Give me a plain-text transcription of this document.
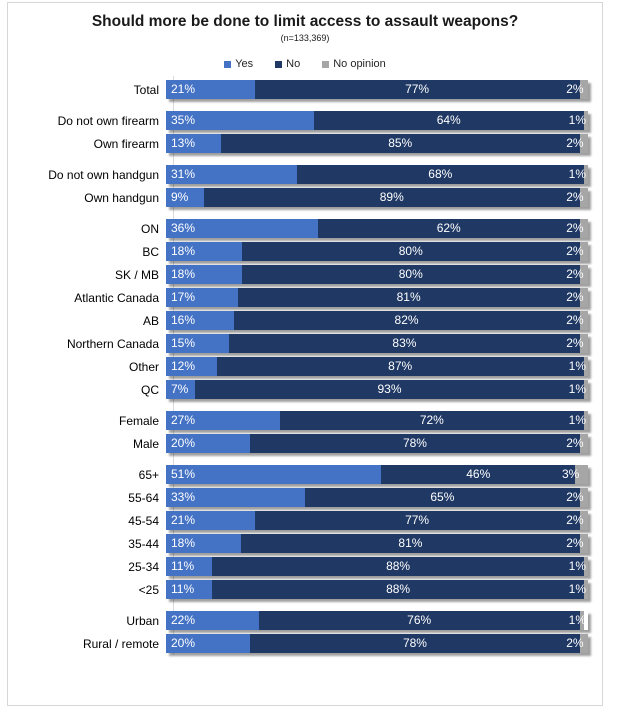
Should more be done to limit access to assault weapons?
(n=133,369)
Yes	No	No opinion
Total	21%	77%	2%
Do not own firearm	35%	64%	1%
Own firearm	13%	85%	2%
Do not own handgun	31%	68%	1%
Own handgun	9%	89%	2%
ON	36%	62%	2%
BC	18%	80%	2%
SK / MB	18%	80%	2%
Atlantic Canada	17%	81%	2%
AB	16%	82%	2%
Northern Canada	15%	83%	2%
Other	12%	87%	1%
QC	7%	93%	1%
Female	27%	72%	1%
Male	20%	78%	2%
65+	51%	46%	3%
55-64	33%	65%	2%
45-54	21%	77%	2%
35-44	18%	81%	2%
25-34	11%	88%	1%
<25	11%	88%	1%
Urban	22%	76%	1%
Rural / remote	20%	78%	2%
